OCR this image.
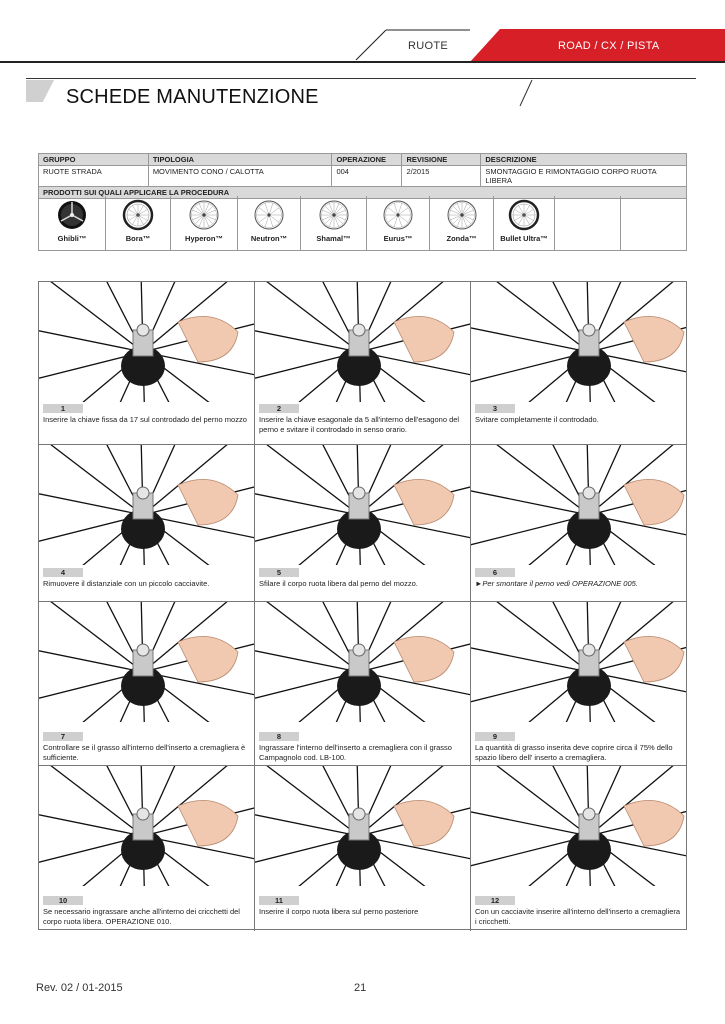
RUOTE	ROAD / CX / PISTA
SCHEDE MANUTENZIONE
GRUPPO	TIPOLOGIA	OPERAZIONE	REVISIONE	DESCRIZIONE
RUOTE STRADA	MOVIMENTO CONO / CALOTTA	004	2/2015	SMONTAGGIO E RIMONTAGGIO CORPO RUOTA LIBERA
PRODOTTI SUI QUALI APPLICARE LA PROCEDURA				
Ghibli™	Bora™	Hyperon™	Neutron™	Shamal™	Eurus™	Zonda™	Bullet Ultra™
1
Inserire la chiave fissa da 17 sul controdado del perno mozzo
2
Inserire la chiave esagonale da 5 all'interno dell'esagono del perno e svitare il controdado in senso orario.
3
Svitare completamente il controdado.
4
Rimuovere il distanziale con un piccolo cacciavite.
5
Sfilare il corpo ruota libera dal perno del mozzo.
6
►Per smontare il perno vedi OPERAZIONE 005.
7
Controllare se il grasso all'interno dell'inserto a cremagliera è sufficiente.
8
Ingrassare l'interno dell'inserto a cremagliera con il grasso Campagnolo cod. LB-100.
9
La quantità di grasso inserita deve coprire circa il 75% dello spazio libero dell' inserto a cremagliera.
10
Se necessario ingrassare anche all'interno dei cricchetti del corpo ruota libera. OPERAZIONE 010.
11
Inserire il corpo ruota libera sul perno posteriore
12
Con un cacciavite inserire all'interno dell'inserto a cremagliera i cricchetti.
Rev. 02 / 01-2015	21
